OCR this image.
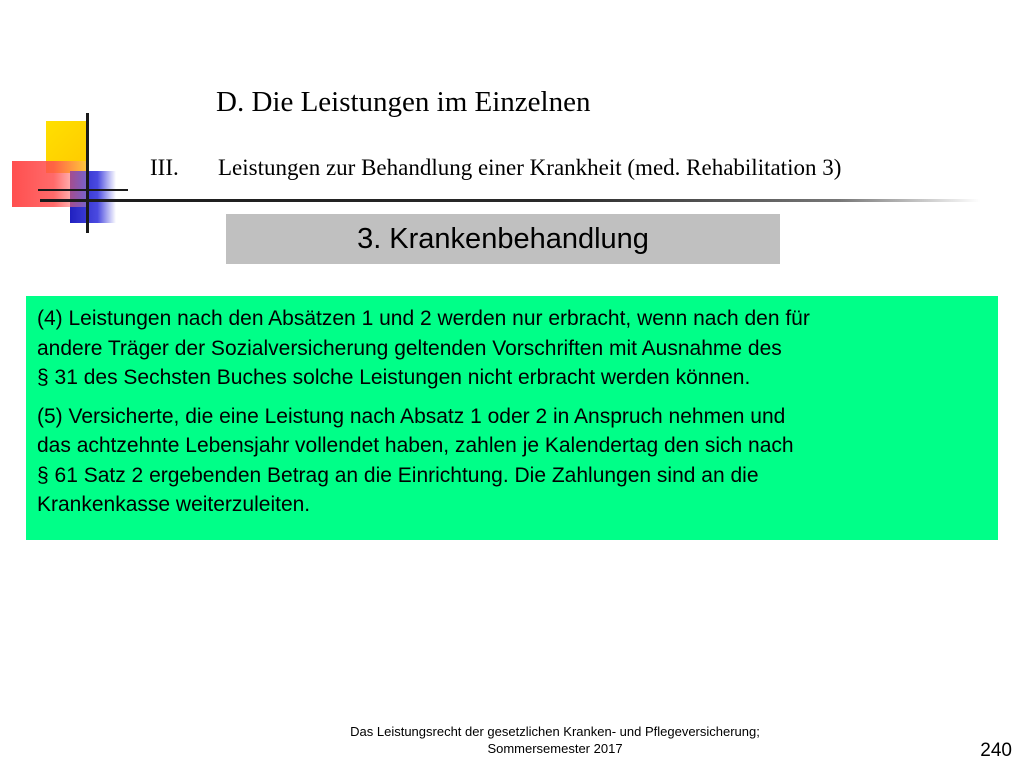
D. Die Leistungen im Einzelnen
III. Leistungen zur Behandlung einer Krankheit (med. Rehabilitation 3)
3. Krankenbehandlung

(4) Leistungen nach den Absätzen 1 und 2 werden nur erbracht, wenn nach den für
andere Träger der Sozialversicherung geltenden Vorschriften mit Ausnahme des
§ 31 des Sechsten Buches solche Leistungen nicht erbracht werden können.

(5) Versicherte, die eine Leistung nach Absatz 1 oder 2 in Anspruch nehmen und
das achtzehnte Lebensjahr vollendet haben, zahlen je Kalendertag den sich nach
§ 61 Satz 2 ergebenden Betrag an die Einrichtung. Die Zahlungen sind an die
Krankenkasse weiterzuleiten.

Das Leistungsrecht der gesetzlichen Kranken- und Pflegeversicherung;
Sommersemester 2017	240
